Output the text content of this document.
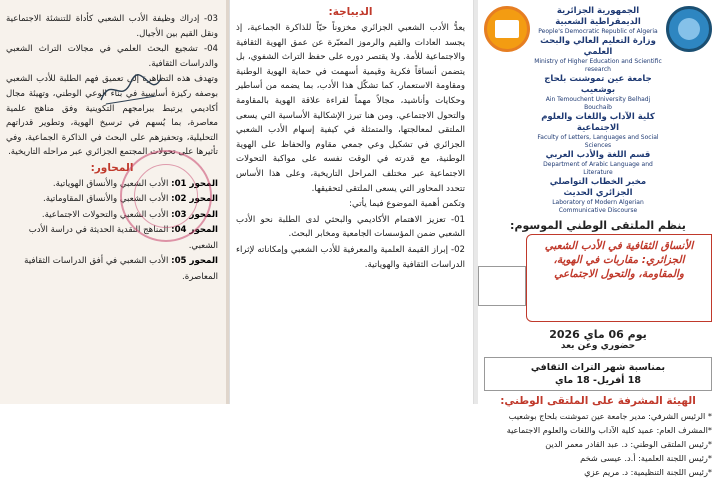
03- إدراك وظيفة الأدب الشعبي كأداة للتنشئة الاجتماعية ونقل القيم بين الأجيال.

04- تشجيع البحث العلمي في مجالات التراث الشعبي والدراسات الثقافية.

وتهدف هذه التظاهرة إلى تعميق فهم الطلبة للأدب الشعبي بوصفه ركيزة أساسية في بناء الوعي الوطني، وتهيئة مجال أكاديمي يرتبط ببرامجهم التكوينية وفق مناهج علمية معاصرة، بما يُسهم في ترسيخ الهوية، وتطوير قدراتهم التحليلية، وتحفيزهم على البحث في الذاكرة الجماعية، وفي تأثيرها على تحولات المجتمع الجزائري عبر مراحله التاريخية.

المحاور:
المحور 01: الأدب الشعبي والأنساق الهوياتية.
المحور 02: الأدب الشعبي والأنساق المقاوماتية.
المحور 03: الأدب الشعبي والتحولات الاجتماعية.
المحور 04: المناهج النقدية الحديثة في دراسة الأدب الشعبي.
المحور 05: الأدب الشعبي في أفق الدراسات الثقافية المعاصرة.
الديباجة:

يعدُّ الأدب الشعبي الجزائري مخزوناً حيّاً للذاكرة الجماعية، إذ يجسد العادات والقيم والرموز المعبّرة عن عمق الهوية الثقافية والاجتماعية للأمة. ولا يقتصر دوره على حفظ التراث الشفوي، بل يتضمن أنساقاً فكرية وقيمية أسهمت في حماية الهوية الوطنية ومقاومة الاستعمار، كما تشكّل هذا الأدب، بما يضمه من أساطير وحكايات وأناشيد، مجالاً مهماً لقراءة علاقة الهوية بالمقاومة والتحول الاجتماعي. ومن هنا تبرز الإشكالية الأساسية التي يسعى الملتقى لمعالجتها، والمتمثلة في كيفية إسهام الأدب الشعبي الجزائري في تشكيل وعي جمعي مقاوم والحفاظ على الهوية الوطنية، مع قدرته في الوقت نفسه على مواكبة التحولات الاجتماعية عبر مختلف المراحل التاريخية، وعلى هذا الأساس تتحدد المحاور التي يسعى الملتقى لتحقيقها.

وتكمن أهمية الموضوع فيما يأتي:

01- تعزيز الاهتمام الأكاديمي والبحثي لدى الطلبة نحو الأدب الشعبي ضمن المؤسسات الجامعية ومخابر البحث.

02- إبراز القيمة العلمية والمعرفية للأدب الشعبي وإمكاناته لإثراء الدراسات الثقافية والهوياتية.

الجمهورية الجزائرية الديمقراطية الشعبية
People's Democratic Republic of Algeria
وزارة التعليم العالي والبحث العلمي
Ministry of Higher Education and Scientific research
جامعة عين تموشنت بلحاج بوشعيب
Ain Temouchent University Belhadj Bouchaib
كلية الآداب واللغات والعلوم الاجتماعية
Faculty of Letters, Languages and Social Sciences
قسم اللغة والأدب العربي
Department of Arabic Language and Literature
مخبر الخطاب التواصلي الجزائري الحديث
Laboratory of Modern Algerian Communicative Discourse
ينظم الملتقى الوطني الموسوم:
الأنساق الثقافية في الأدب الشعبي الجزائري: مقاربات في الهوية، والمقاومة، والتحول الاجتماعي
يوم 06 ماي 2026
حضوري وعن بعد
بمناسبة شهر التراث الثقافي
18 أفريل- 18 ماي
الهيئة المشرفة على الملتقى الوطني:
* الرئيس الشرفي: مدير جامعة عين تموشنت بلحاج بوشعيب
*المشرف العام: عميد كلية الآداب واللغات والعلوم الاجتماعية
*رئيس الملتقى الوطني: د. عبد القادر معمر الدين
*رئيس اللجنة العلمية: أ.د. عيسى شخم
*رئيس اللجنة التنظيمية: د. مريم عزي
